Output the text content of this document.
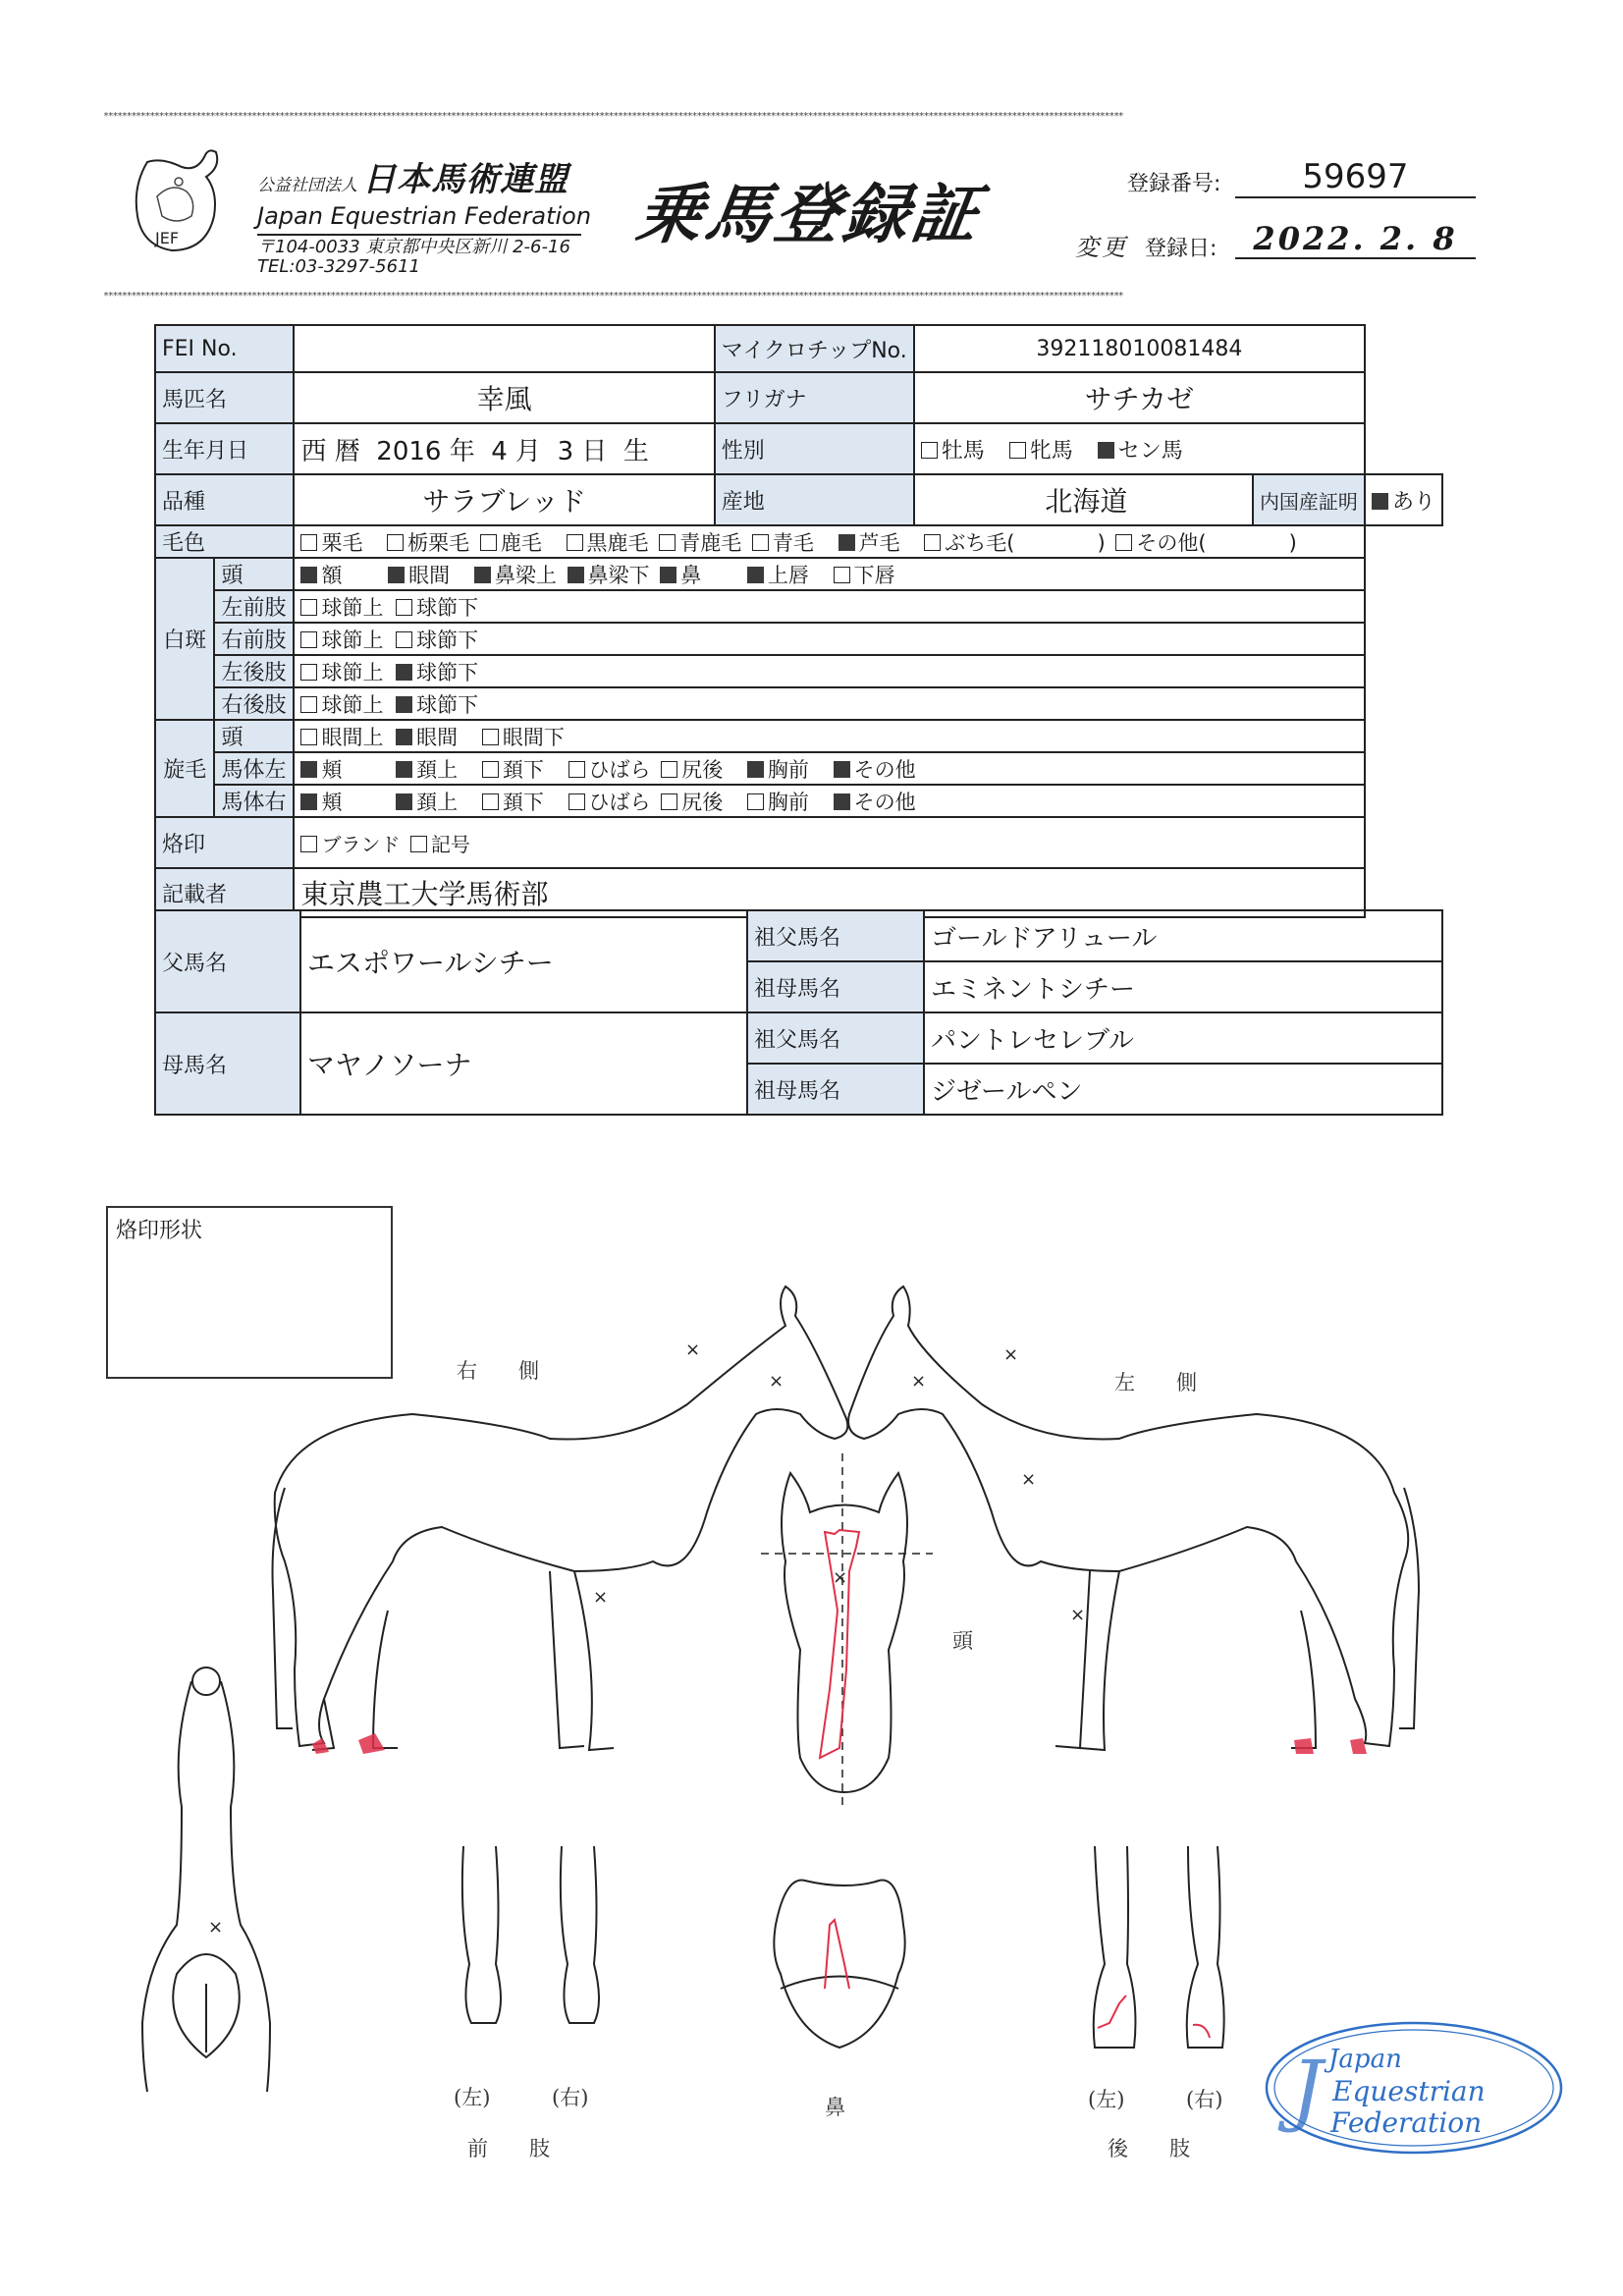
****************************************************************************************************************************************************************************************************************************
****************************************************************************************************************************************************************************************************************************
JEF
公益社団法人 日本馬術連盟
Japan Equestrian Federation
〒104-0033 東京都中央区新川 2-6-16
TEL:03-3297-5611
乗馬登録証	登録番号:	59697
変更 登録日:	2022. 2. 8
FEI No.			マイクロチップNo.	392118010081484		
馬匹名		幸風	フリガナ	サチカゼ		
生年月日		西 暦  2016 年  4 月  3 日  生	性別	牡馬 牝馬 セン馬		
品種		サラブレッド	産地	北海道	内国産証明	あり
毛色		栗毛 栃栗毛 鹿毛 黒鹿毛 青鹿毛 青毛 芦毛 ぶち毛(　　　　) その他(　　　　)				
白斑	頭	額 眼間 鼻梁上 鼻梁下 鼻 上唇 下唇				
	左前肢	球節上 球節下				
	右前肢	球節上 球節下				
	左後肢	球節上 球節下				
	右後肢	球節上 球節下				
旋毛	頭	眼間上 眼間 眼間下				
	馬体左	頬 頚上 頚下 ひばら 尻後 胸前 その他				
	馬体右	頬 頚上 頚下 ひばら 尻後 胸前 その他				
烙印		ブランド 記号				
記載者		東京農工大学馬術部				
父馬名	エスポワールシチー	祖父馬名	ゴールドアリュール
		祖母馬名	エミネントシチー
母馬名	マヤノソーナ	祖父馬名	パントレセレブル
		祖母馬名	ジゼールペン
烙印形状
右　　側	左　　側
頭
鼻
(左)	(右)
前　　肢
(左)	(右)
後　　肢
×
×
×
×
×
×
×
×
×
J Japan
Equestrian
Federation
